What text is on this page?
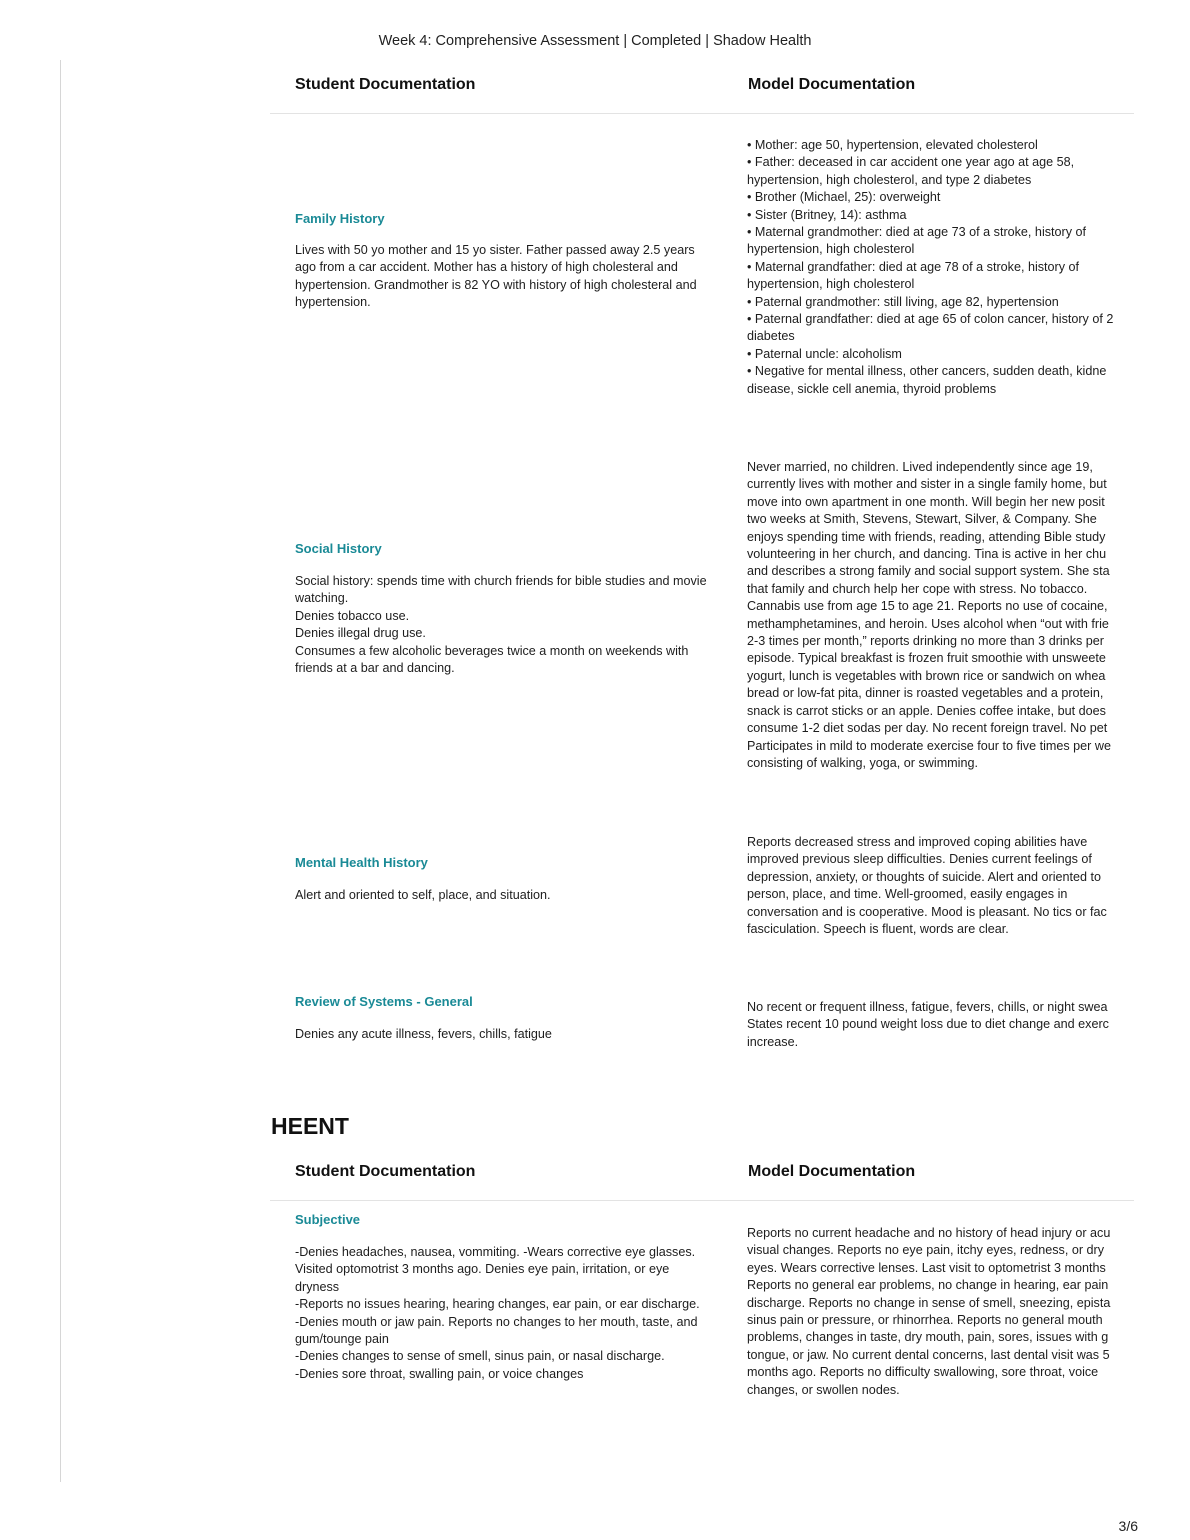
Week 4: Comprehensive Assessment | Completed | Shadow Health
Student Documentation	Model Documentation
Family History
Lives with 50 yo mother and 15 yo sister. Father passed away 2.5 years ago from a car accident. Mother has a history of high cholesteral and hypertension. Grandmother is 82 YO with history of high cholesteral and hypertension.
• Mother: age 50, hypertension, elevated cholesterol
• Father: deceased in car accident one year ago at age 58, hypertension, high cholesterol, and type 2 diabetes
• Brother (Michael, 25): overweight
• Sister (Britney, 14): asthma
• Maternal grandmother: died at age 73 of a stroke, history of hypertension, high cholesterol
• Maternal grandfather: died at age 78 of a stroke, history of hypertension, high cholesterol
• Paternal grandmother: still living, age 82, hypertension
• Paternal grandfather: died at age 65 of colon cancer, history of 2 diabetes
• Paternal uncle: alcoholism
• Negative for mental illness, other cancers, sudden death, kidne disease, sickle cell anemia, thyroid problems
Social History
Social history: spends time with church friends for bible studies and movie watching.
Denies tobacco use.
Denies illegal drug use.
Consumes a few alcoholic beverages twice a month on weekends with friends at a bar and dancing.
Never married, no children. Lived independently since age 19,
currently lives with mother and sister in a single family home, but
move into own apartment in one month. Will begin her new posit
two weeks at Smith, Stevens, Stewart, Silver, & Company. She
enjoys spending time with friends, reading, attending Bible study
volunteering in her church, and dancing. Tina is active in her chu
and describes a strong family and social support system. She sta
that family and church help her cope with stress. No tobacco.
Cannabis use from age 15 to age 21. Reports no use of cocaine,
methamphetamines, and heroin. Uses alcohol when “out with frie
2-3 times per month,” reports drinking no more than 3 drinks per
episode. Typical breakfast is frozen fruit smoothie with unsweete
yogurt, lunch is vegetables with brown rice or sandwich on whea
bread or low-fat pita, dinner is roasted vegetables and a protein,
snack is carrot sticks or an apple. Denies coffee intake, but does
consume 1-2 diet sodas per day. No recent foreign travel. No pet
Participates in mild to moderate exercise four to five times per we
consisting of walking, yoga, or swimming.
Mental Health History
Alert and oriented to self, place, and situation.
Reports decreased stress and improved coping abilities have
improved previous sleep difficulties. Denies current feelings of
depression, anxiety, or thoughts of suicide. Alert and oriented to
person, place, and time. Well-groomed, easily engages in
conversation and is cooperative. Mood is pleasant. No tics or fac
fasciculation. Speech is fluent, words are clear.
Review of Systems - General
Denies any acute illness, fevers, chills, fatigue
No recent or frequent illness, fatigue, fevers, chills, or night swea
States recent 10 pound weight loss due to diet change and exerc
increase.
HEENT
Student Documentation	Model Documentation
Subjective
-Denies headaches, nausea, vommiting. -Wears corrective eye glasses. Visited optomotrist 3 months ago. Denies eye pain, irritation, or eye dryness
-Reports no issues hearing, hearing changes, ear pain, or ear discharge.
-Denies mouth or jaw pain. Reports no changes to her mouth, taste, and gum/tounge pain
-Denies changes to sense of smell, sinus pain, or nasal discharge.
-Denies sore throat, swalling pain, or voice changes
Reports no current headache and no history of head injury or acu
visual changes. Reports no eye pain, itchy eyes, redness, or dry
eyes. Wears corrective lenses. Last visit to optometrist 3 months
Reports no general ear problems, no change in hearing, ear pain
discharge. Reports no change in sense of smell, sneezing, epista
sinus pain or pressure, or rhinorrhea. Reports no general mouth
problems, changes in taste, dry mouth, pain, sores, issues with g
tongue, or jaw. No current dental concerns, last dental visit was 5
months ago. Reports no difficulty swallowing, sore throat, voice
changes, or swollen nodes.
3/6
